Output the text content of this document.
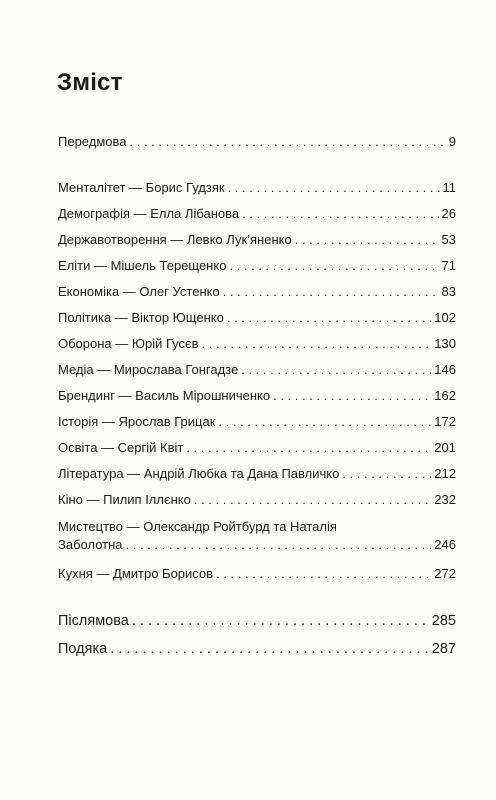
Зміст
Передмова . . .	9
Менталітет — Борис Гудзяк . . .	11
Демографія — Елла Лібанова . . .	26
Державотворення — Левко Лук’яненко . . .	53
Еліти — Мішель Терещенко . . .	71
Економіка — Олег Устенко . . .	83
Політика — Віктор Ющенко . . .	102
Оборона — Юрій Гусєв . . .	130
Медіа — Мирослава Гонгадзе . . .	146
Брендинг — Василь Мірошниченко . . .	162
Історія — Ярослав Грицак . . .	172
Освіта — Сергій Квіт . . .	201
Література — Андрій Любка та Дана Павличко . . .	212
Кіно — Пилип Іллєнко . . .	232
Мистецтво — Олександр Ройтбурд та Наталія
Заболотна . . .	246
Кухня — Дмитро Борисов . . .	272
Післямова . . .	285
Подяка . . .	287
